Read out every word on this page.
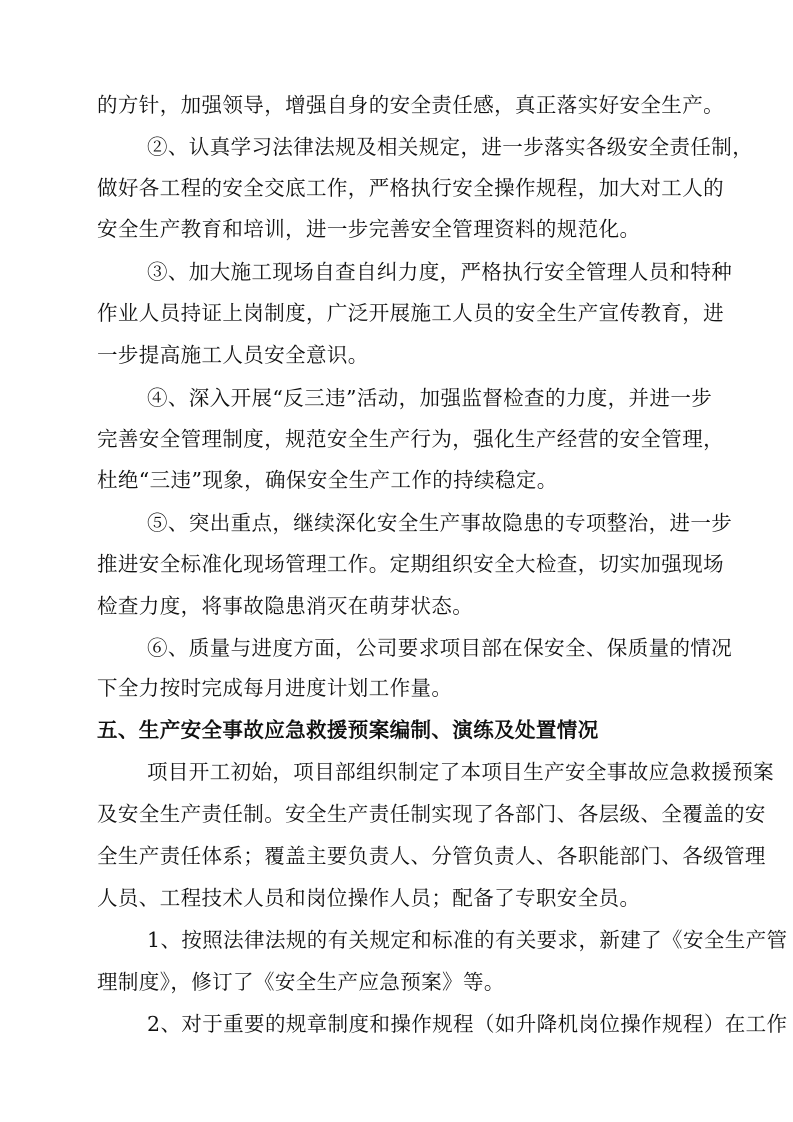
的方针，加强领导，增强自身的安全责任感，真正落实好安全生产。
②、认真学习法律法规及相关规定，进一步落实各级安全责任制，
做好各工程的安全交底工作，严格执行安全操作规程，加大对工人的
安全生产教育和培训，进一步完善安全管理资料的规范化。
③、加大施工现场自查自纠力度，严格执行安全管理人员和特种
作业人员持证上岗制度，广泛开展施工人员的安全生产宣传教育，进
一步提高施工人员安全意识。
④、深入开展“反三违”活动，加强监督检查的力度，并进一步
完善安全管理制度，规范安全生产行为，强化生产经营的安全管理，
杜绝“三违”现象，确保安全生产工作的持续稳定。
⑤、突出重点，继续深化安全生产事故隐患的专项整治，进一步
推进安全标准化现场管理工作。定期组织安全大检查，切实加强现场
检查力度，将事故隐患消灭在萌芽状态。
⑥、质量与进度方面，公司要求项目部在保安全、保质量的情况
下全力按时完成每月进度计划工作量。
五、生产安全事故应急救援预案编制、演练及处置情况
项目开工初始，项目部组织制定了本项目生产安全事故应急救援预案
及安全生产责任制。安全生产责任制实现了各部门、各层级、全覆盖的安
全生产责任体系；覆盖主要负责人、分管负责人、各职能部门、各级管理
人员、工程技术人员和岗位操作人员；配备了专职安全员。
1、按照法律法规的有关规定和标准的有关要求，新建了《安全生产管
理制度》，修订了《安全生产应急预案》等。
2、对于重要的规章制度和操作规程（如升降机岗位操作规程）在工作
